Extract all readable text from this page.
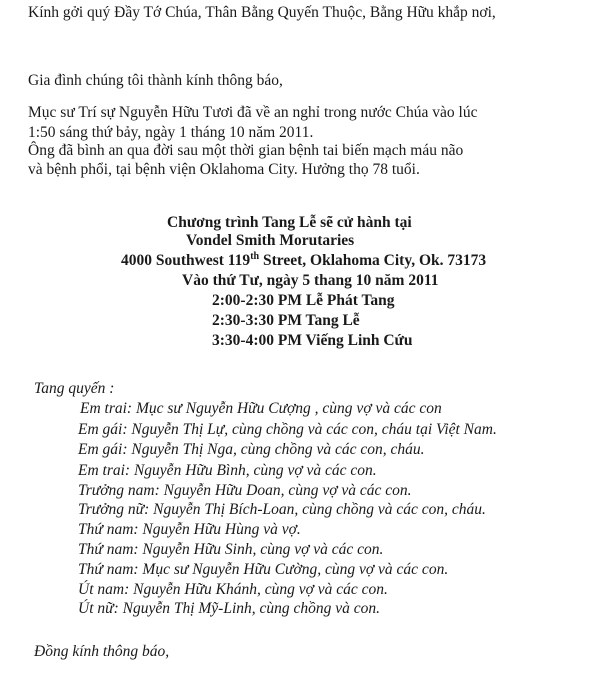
Kính gởi quý Đầy Tớ Chúa, Thân Bằng Quyến Thuộc, Bằng Hữu khắp nơi,
Gia đình chúng tôi thành kính thông báo,
Mục sư Trí sự Nguyễn Hữu Tươi đã về an nghỉ trong nước Chúa vào lúc
1:50 sáng thứ bảy, ngày 1 tháng 10 năm 2011.
Ông đã bình an qua đời sau một thời gian bệnh tai biến mạch máu não
và bệnh phổi, tại bệnh viện Oklahoma City. Hưởng thọ 78 tuổi.
Chương trình Tang Lễ sẽ cử hành tại
Vondel Smith Morutaries
4000 Southwest 119th Street, Oklahoma City, Ok. 73173
Vào thứ Tư, ngày 5 thang 10 năm 2011
2:00-2:30 PM Lễ Phát Tang
2:30-3:30 PM Tang Lễ
3:30-4:00 PM Viếng Linh Cứu
Tang quyến :
Em trai: Mục sư Nguyễn Hữu Cượng , cùng vợ và các con
Em gái: Nguyễn Thị Lự, cùng chồng và các con, cháu tại Việt Nam.
Em gái: Nguyễn Thị Nga, cùng chồng và các con, cháu.
Em trai: Nguyễn Hữu Bình, cùng vợ và các con.
Trưởng nam: Nguyễn Hữu Doan, cùng vợ và các con.
Trưởng nữ: Nguyễn Thị Bích-Loan, cùng chồng và các con, cháu.
Thứ nam: Nguyễn Hữu Hùng và vợ.
Thứ nam: Nguyễn Hữu Sinh, cùng vợ và các con.
Thứ nam: Mục sư Nguyễn Hữu Cường, cùng vợ và các con.
Út nam: Nguyễn Hữu Khánh, cùng vợ và các con.
Út nữ: Nguyễn Thị Mỹ-Linh, cùng chồng và con.
Đồng kính thông báo,
